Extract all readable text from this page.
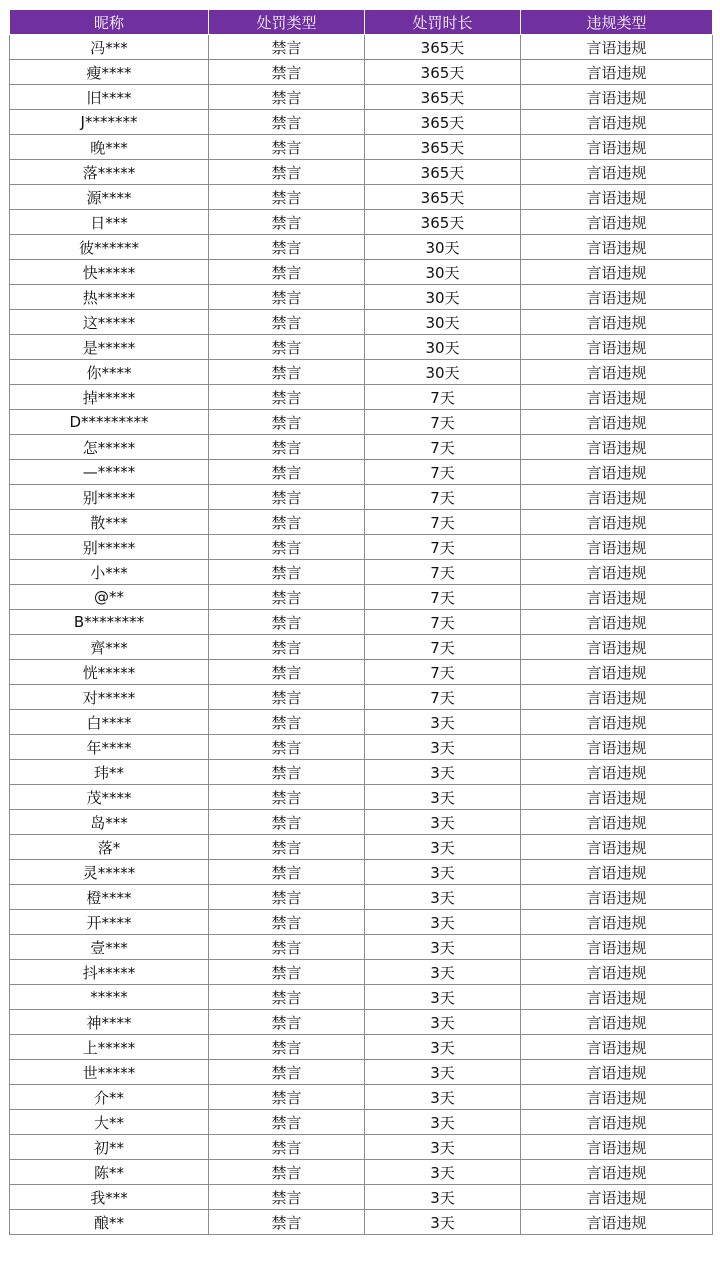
昵称	处罚类型	处罚时长	违规类型
冯***	禁言	365天	言语违规
瘦****	禁言	365天	言语违规
旧****	禁言	365天	言语违规
J*******	禁言	365天	言语违规
晚***	禁言	365天	言语违规
落*****	禁言	365天	言语违规
源****	禁言	365天	言语违规
日***	禁言	365天	言语违规
彼******	禁言	30天	言语违规
快*****	禁言	30天	言语违规
热*****	禁言	30天	言语违规
这*****	禁言	30天	言语违规
是*****	禁言	30天	言语违规
你****	禁言	30天	言语违规
掉*****	禁言	7天	言语违规
D*********	禁言	7天	言语违规
怎*****	禁言	7天	言语违规
—*****	禁言	7天	言语违规
别*****	禁言	7天	言语违规
散***	禁言	7天	言语违规
别*****	禁言	7天	言语违规
小***	禁言	7天	言语违规
@**	禁言	7天	言语违规
B********	禁言	7天	言语违规
齊***	禁言	7天	言语违规
恍*****	禁言	7天	言语违规
对*****	禁言	7天	言语违规
白****	禁言	3天	言语违规
年****	禁言	3天	言语违规
玮**	禁言	3天	言语违规
茂****	禁言	3天	言语违规
岛***	禁言	3天	言语违规
落*	禁言	3天	言语违规
灵*****	禁言	3天	言语违规
橙****	禁言	3天	言语违规
开****	禁言	3天	言语违规
壹***	禁言	3天	言语违规
抖*****	禁言	3天	言语违规
*****	禁言	3天	言语违规
神****	禁言	3天	言语违规
上*****	禁言	3天	言语违规
世*****	禁言	3天	言语违规
介**	禁言	3天	言语违规
大**	禁言	3天	言语违规
初**	禁言	3天	言语违规
陈**	禁言	3天	言语违规
我***	禁言	3天	言语违规
酿**	禁言	3天	言语违规
